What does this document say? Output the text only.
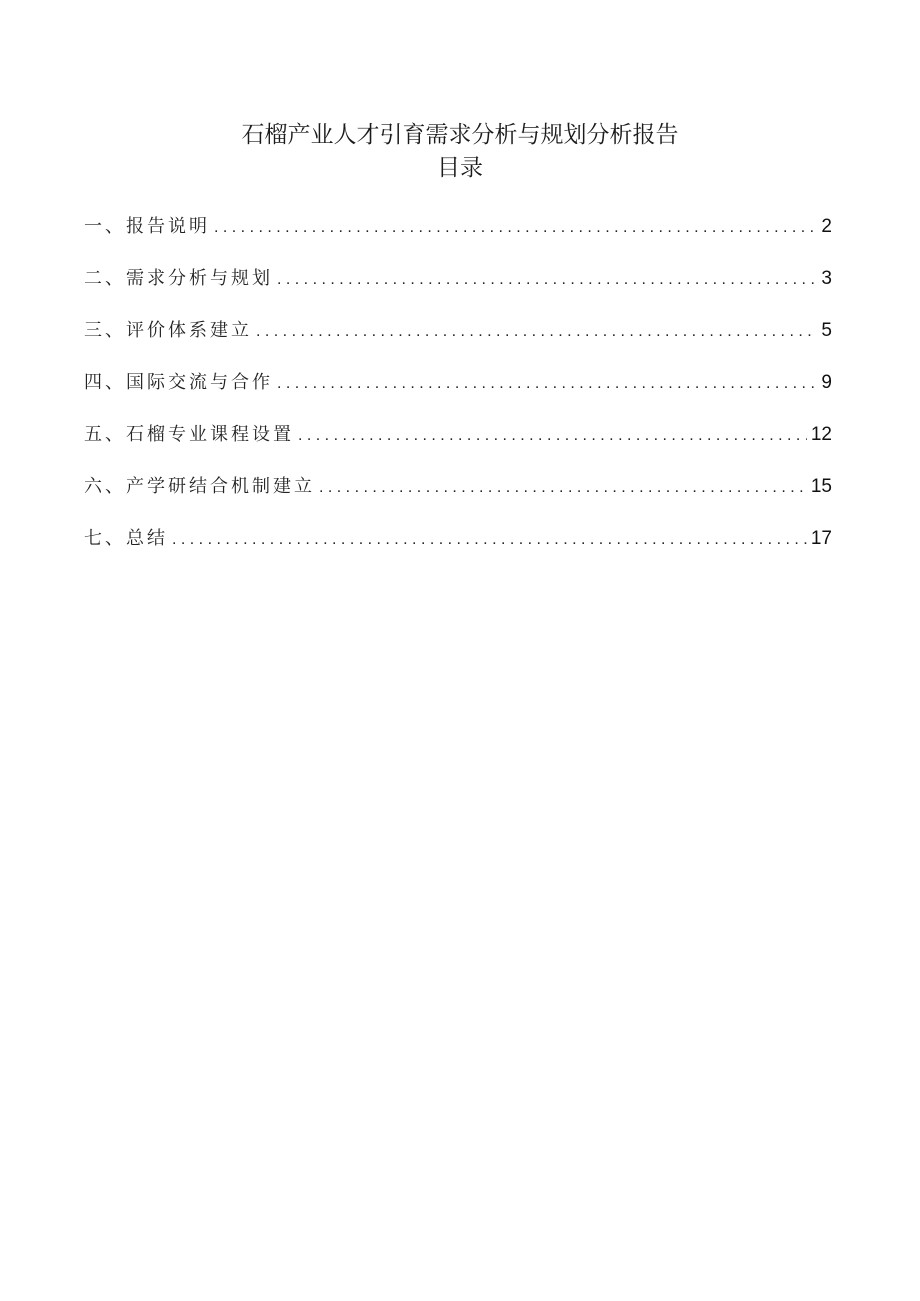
石榴产业人才引育需求分析与规划分析报告
目录
一、报告说明 . . .	2
二、需求分析与规划 . . .	3
三、评价体系建立 . . .	5
四、国际交流与合作 . . .	9
五、石榴专业课程设置 . . .	12
六、产学研结合机制建立 . . .	15
七、总结 . . .	17
